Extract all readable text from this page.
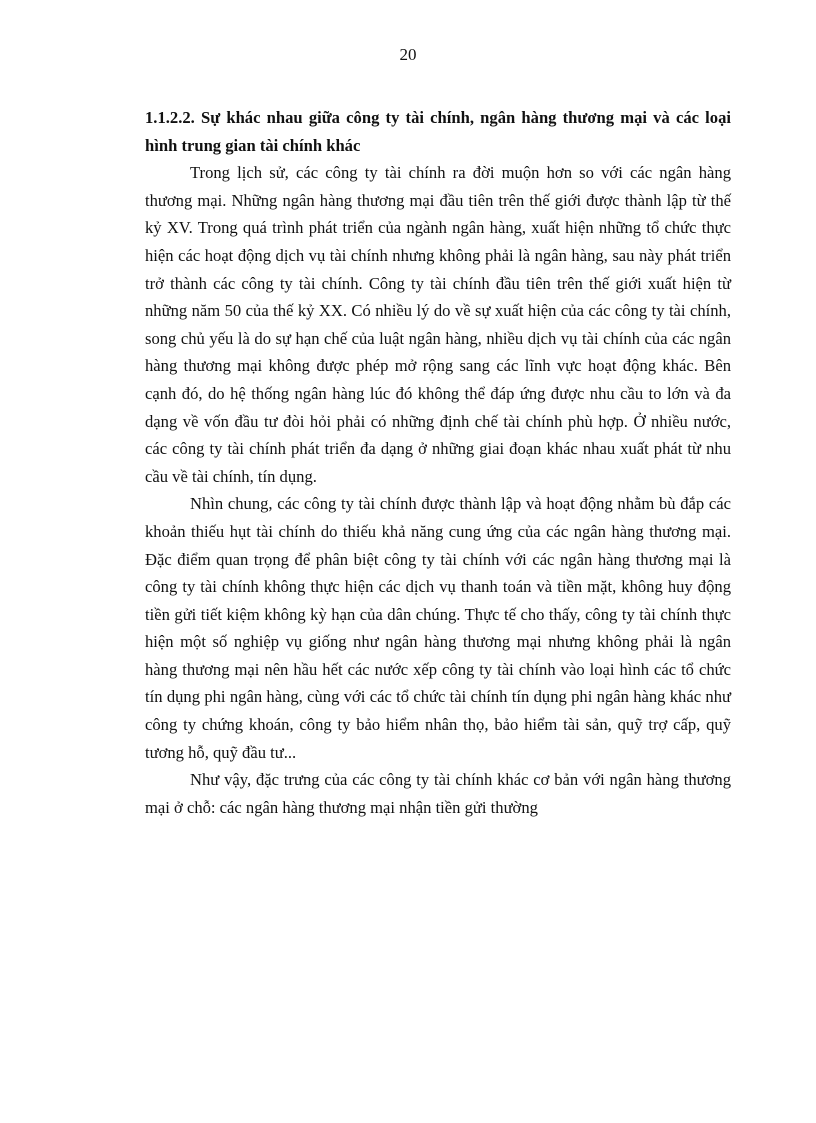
20

1.1.2.2. Sự khác nhau giữa công ty tài chính, ngân hàng thương mại và các loại hình trung gian tài chính khác

Trong lịch sử, các công ty tài chính ra đời muộn hơn so với các ngân hàng thương mại. Những ngân hàng thương mại đầu tiên trên thế giới được thành lập từ thế kỷ XV. Trong quá trình phát triển của ngành ngân hàng, xuất hiện những tổ chức thực hiện các hoạt động dịch vụ tài chính nhưng không phải là ngân hàng, sau này phát triển trở thành các công ty tài chính. Công ty tài chính đầu tiên trên thế giới xuất hiện từ những năm 50 của thế kỷ XX. Có nhiều lý do về sự xuất hiện của các công ty tài chính, song chủ yếu là do sự hạn chế của luật ngân hàng, nhiều dịch vụ tài chính của các ngân hàng thương mại không được phép mở rộng sang các lĩnh vực hoạt động khác. Bên cạnh đó, do hệ thống ngân hàng lúc đó không thể đáp ứng được nhu cầu to lớn và đa dạng về vốn đầu tư đòi hỏi phải có những định chế tài chính phù hợp. Ở nhiều nước, các công ty tài chính phát triển đa dạng ở những giai đoạn khác nhau xuất phát từ nhu cầu về tài chính, tín dụng.

Nhìn chung, các công ty tài chính được thành lập và hoạt động nhằm bù đắp các khoản thiếu hụt tài chính do thiếu khả năng cung ứng của các ngân hàng thương mại. Đặc điểm quan trọng để phân biệt công ty tài chính với các ngân hàng thương mại là công ty tài chính không thực hiện các dịch vụ thanh toán và tiền mặt, không huy động tiền gửi tiết kiệm không kỳ hạn của dân chúng. Thực tế cho thấy, công ty tài chính thực hiện một số nghiệp vụ giống như ngân hàng thương mại nhưng không phải là ngân hàng thương mại nên hầu hết các nước xếp công ty tài chính vào loại hình các tổ chức tín dụng phi ngân hàng, cùng với các tổ chức tài chính tín dụng phi ngân hàng khác như công ty chứng khoán, công ty bảo hiểm nhân thọ, bảo hiểm tài sản, quỹ trợ cấp, quỹ tương hỗ, quỹ đầu tư...

Như vậy, đặc trưng của các công ty tài chính khác cơ bản với ngân hàng thương mại ở chỗ: các ngân hàng thương mại nhận tiền gửi thường
